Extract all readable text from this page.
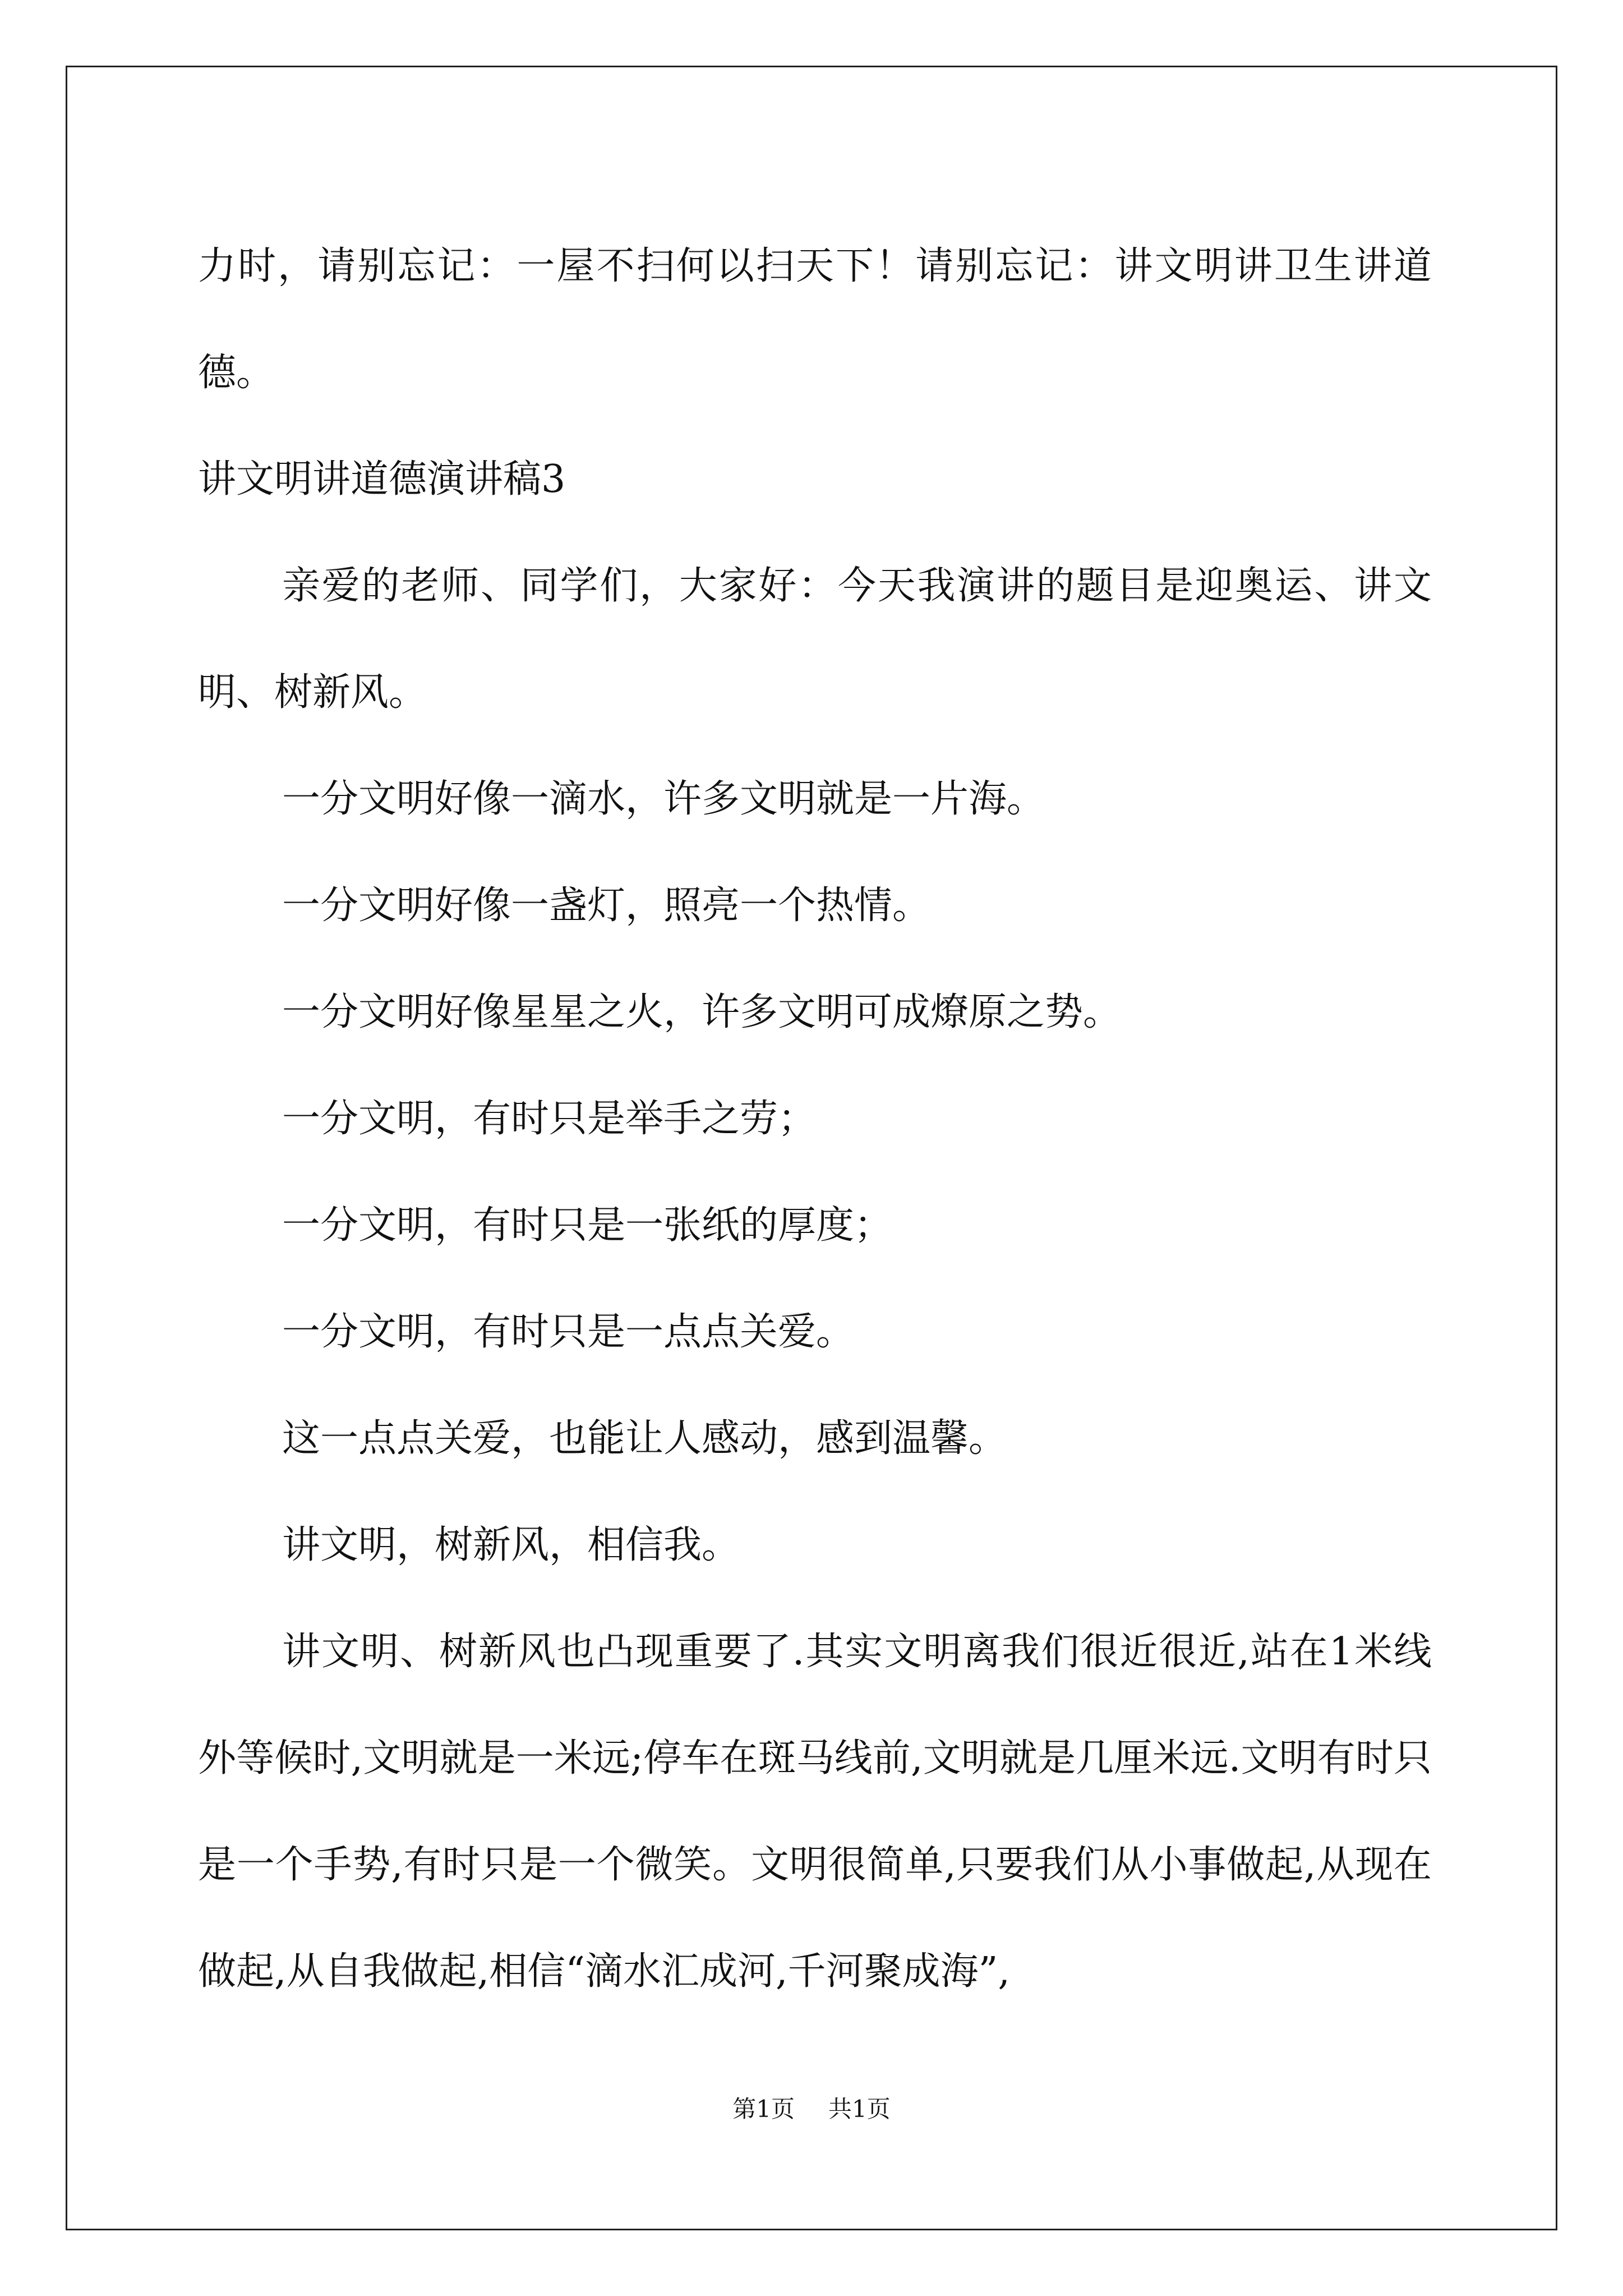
力时，请别忘记：一屋不扫何以扫天下！请别忘记：讲文明讲卫生讲道德。

讲文明讲道德演讲稿3

亲爱的老师、同学们，大家好：今天我演讲的题目是迎奥运、讲文明、树新风。

一分文明好像一滴水，许多文明就是一片海。

一分文明好像一盏灯，照亮一个热情。

一分文明好像星星之火，许多文明可成燎原之势。

一分文明，有时只是举手之劳；

一分文明，有时只是一张纸的厚度；

一分文明，有时只是一点点关爱。

这一点点关爱，也能让人感动，感到温馨。

讲文明，树新风，相信我。

讲文明、树新风也凸现重要了.其实文明离我们很近很近,站在1米线外等候时,文明就是一米远;停车在斑马线前,文明就是几厘米远.文明有时只是一个手势,有时只是一个微笑。文明很简单,只要我们从小事做起,从现在做起,从自我做起,相信“滴水汇成河,千河聚成海”,

第1页 共1页
